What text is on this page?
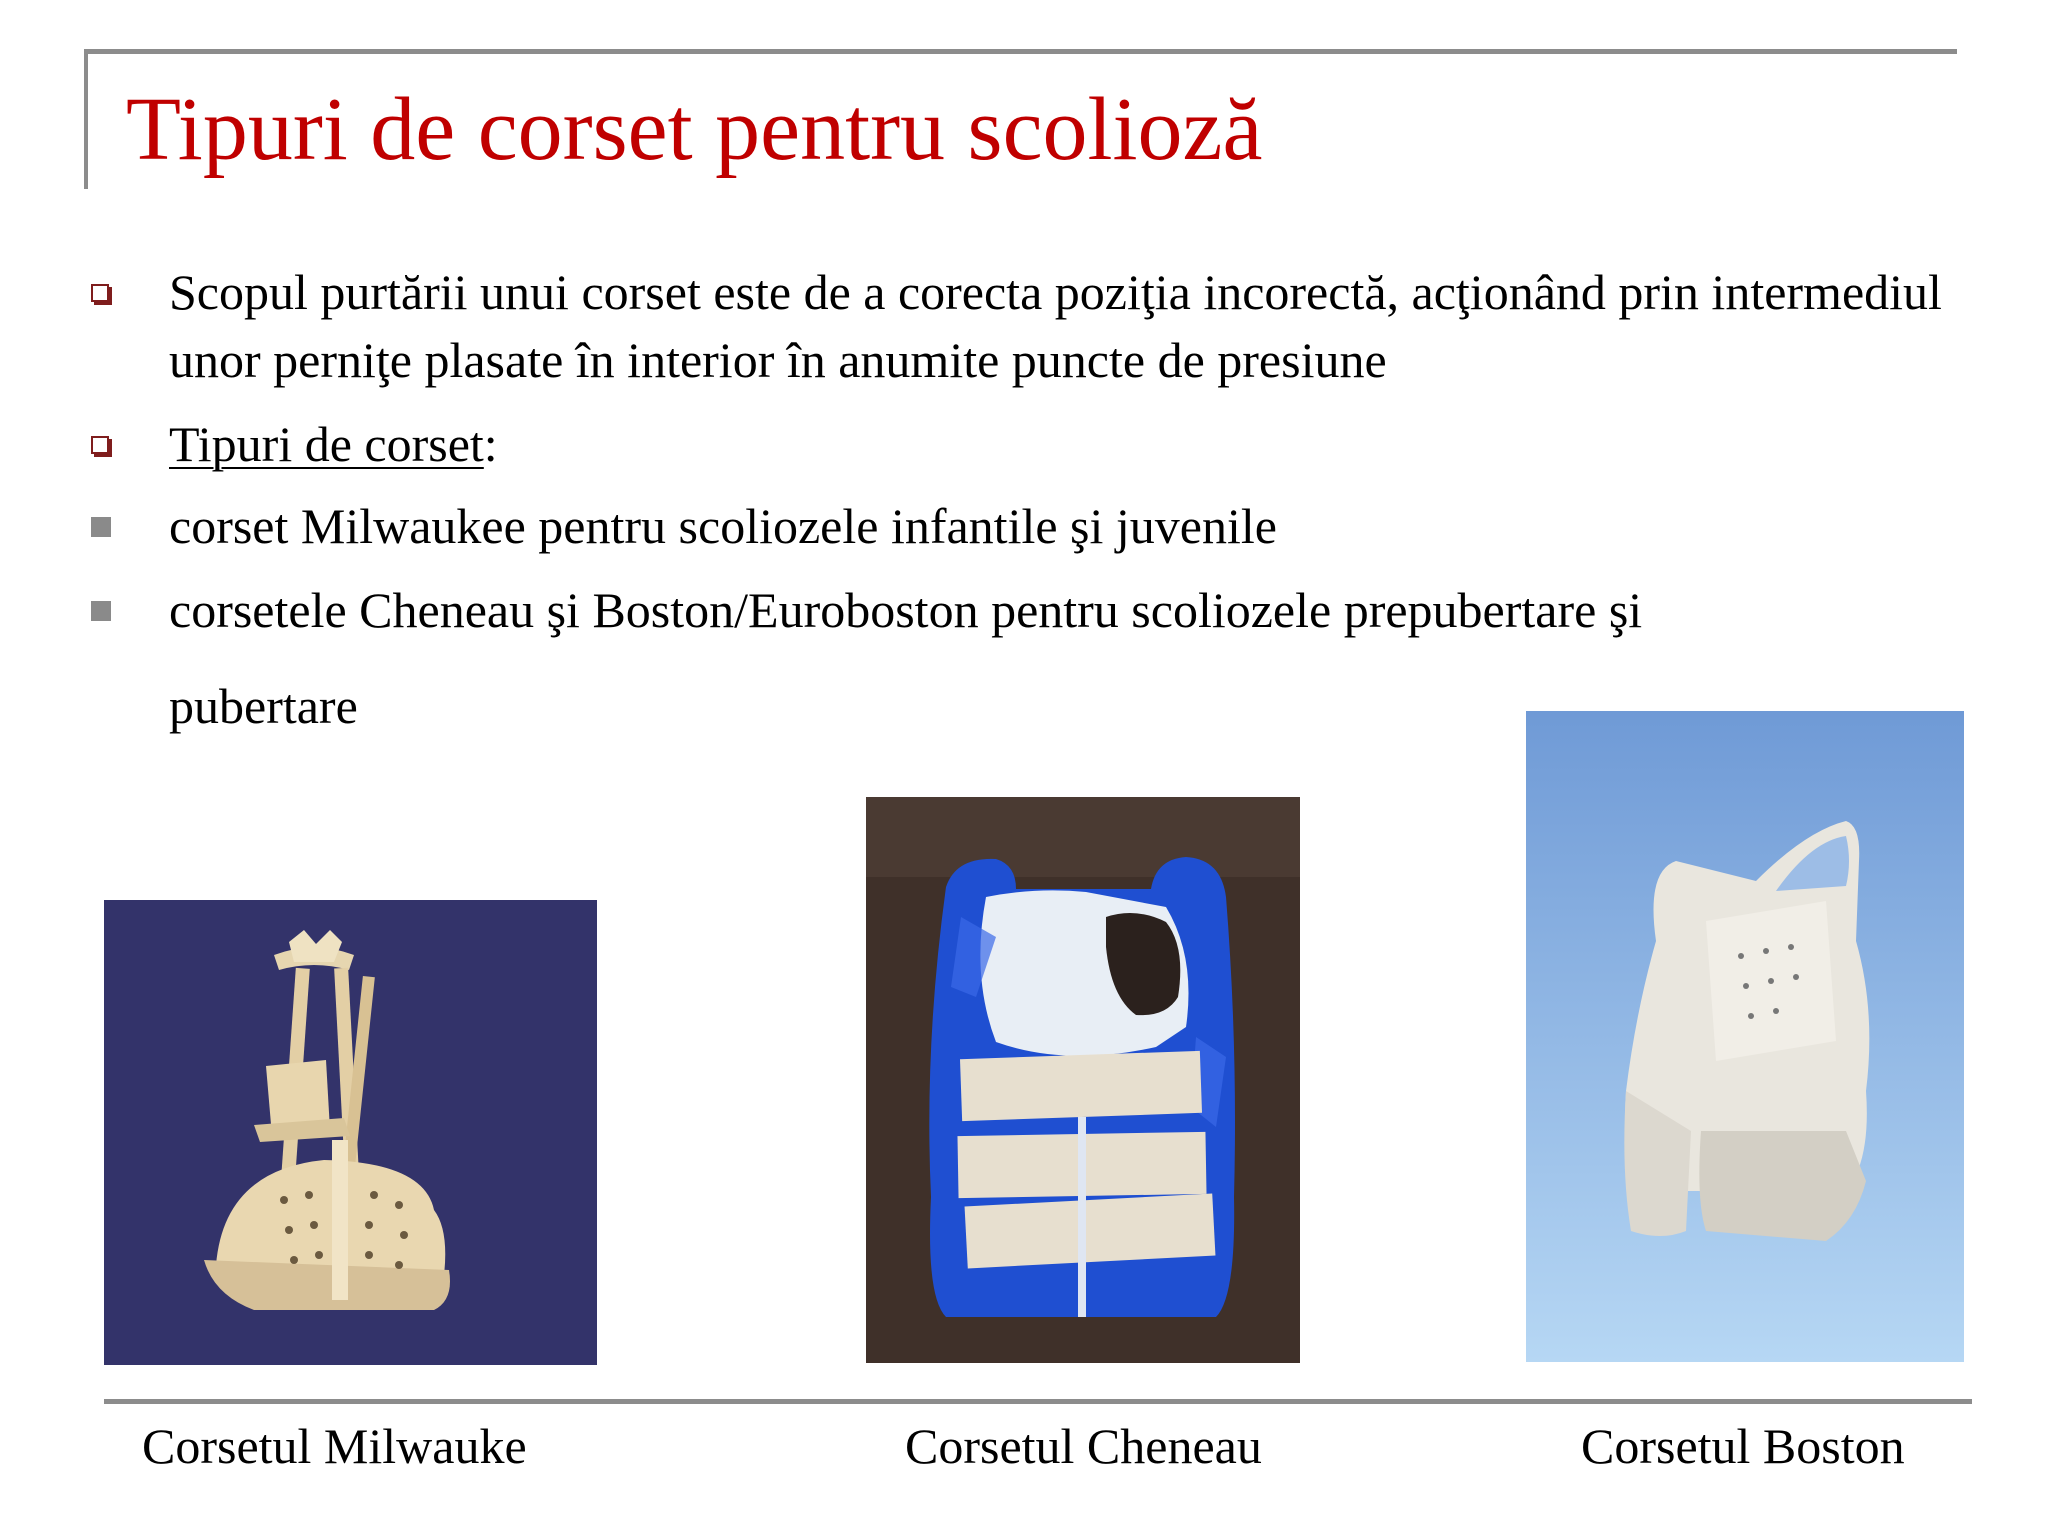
Tipuri de corset pentru scolioză
Scopul purtării unui corset este de a corecta poziţia incorectă, acţionând prin intermediul unor perniţe plasate în interior în anumite puncte de presiune
Tipuri de corset:
corset Milwaukee pentru scoliozele infantile şi juvenile
corsetele Cheneau şi Boston/Euroboston pentru scoliozele prepubertare şi
pubertare
Corsetul Milwauke	Corsetul Cheneau	Corsetul Boston
